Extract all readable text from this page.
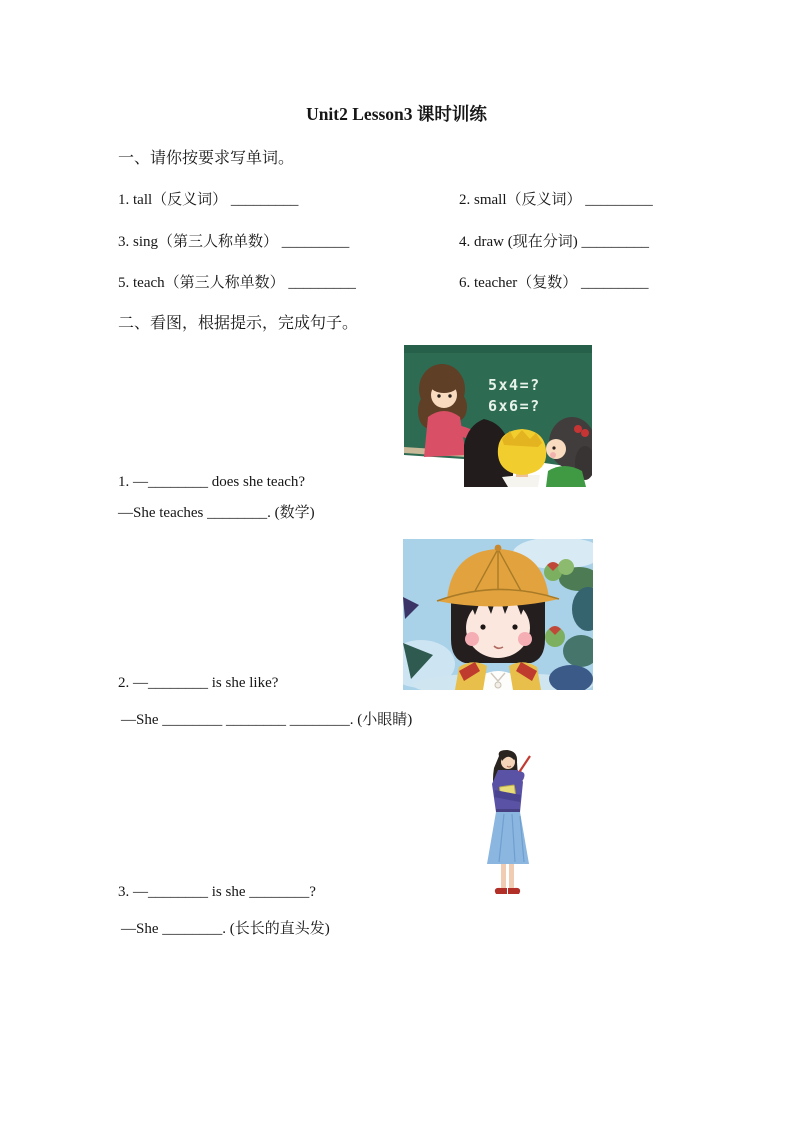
Unit2 Lesson3 课时训练
一、请你按要求写单词。
1. tall（反义词） _________	2. small（反义词） _________
3. sing（第三人称单数） _________	4. draw (现在分词) _________
5. teach（第三人称单数） _________	6. teacher（复数） _________
二、看图，根据提示，完成句子。
5x4=?
6x6=?
1. —________ does she teach?
—She teaches ________. (数学)
2. —________ is she like?
—She ________ ________ ________. (小眼睛)
3. —________ is she ________?
—She ________. (长长的直头发)
